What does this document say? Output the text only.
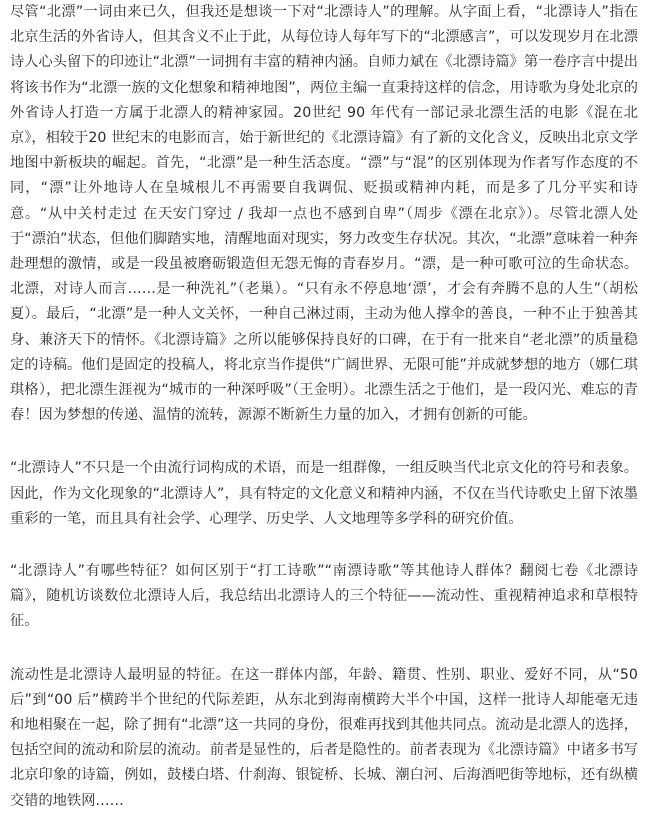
尽管“北漂”一词由来已久，但我还是想谈一下对“北漂诗人”的理解。从字面上看，“北漂诗人”指在北京生活的外省诗人，但其含义不止于此，从每位诗人每年写下的“北漂感言”，可以发现岁月在北漂诗人心头留下的印迹让“北漂”一词拥有丰富的精神内涵。自师力斌在《北漂诗篇》第一卷序言中提出将该书作为“北漂一族的文化想象和精神地图”，两位主编一直秉持这样的信念，用诗歌为身处北京的外省诗人打造一方属于北漂人的精神家园。20世纪 90 年代有一部记录北漂生活的电影《混在北京》，相较于20 世纪末的电影而言，始于新世纪的《北漂诗篇》有了新的文化含义，反映出北京文学地图中新板块的崛起。首先，“北漂”是一种生活态度。“漂”与“混”的区别体现为作者写作态度的不同，“漂”让外地诗人在皇城根儿不再需要自我调侃、贬损或精神内耗，而是多了几分平实和诗意。“从中关村走过 在天安门穿过 / 我却一点也不感到自卑”（周步《漂在北京》）。尽管北漂人处于“漂泊”状态，但他们脚踏实地，清醒地面对现实，努力改变生存状况。其次，“北漂”意味着一种奔赴理想的激情，或是一段虽被磨砺锻造但无怨无悔的青春岁月。“漂，是一种可歌可泣的生命状态。北漂，对诗人而言……是一种洗礼”（老巢）。“只有永不停息地‘漂’，才会有奔腾不息的人生”（胡松夏）。最后，“北漂”是一种人文关怀，一种自己淋过雨，主动为他人撑伞的善良，一种不止于独善其身、兼济天下的情怀。《北漂诗篇》之所以能够保持良好的口碑，在于有一批来自“老北漂”的质量稳定的诗稿。他们是固定的投稿人，将北京当作提供“广阔世界、无限可能”并成就梦想的地方（娜仁琪琪格），把北漂生涯视为“城市的一种深呼吸”（王金明）。北漂生活之于他们，是一段闪光、难忘的青春！因为梦想的传递、温情的流转，源源不断新生力量的加入，才拥有创新的可能。

“北漂诗人”不只是一个由流行词构成的术语，而是一组群像，一组反映当代北京文化的符号和表象。因此，作为文化现象的“北漂诗人”，具有特定的文化意义和精神内涵，不仅在当代诗歌史上留下浓墨重彩的一笔，而且具有社会学、心理学、历史学、人文地理等多学科的研究价值。

“北漂诗人”有哪些特征？如何区别于“打工诗歌”“南漂诗歌”等其他诗人群体？翻阅七卷《北漂诗篇》，随机访谈数位北漂诗人后，我总结出北漂诗人的三个特征——流动性、重视精神追求和草根特征。

流动性是北漂诗人最明显的特征。在这一群体内部，年龄、籍贯、性别、职业、爱好不同，从“50 后”到“00 后”横跨半个世纪的代际差距，从东北到海南横跨大半个中国，这样一批诗人却能毫无违和地相聚在一起，除了拥有“北漂”这一共同的身份，很难再找到其他共同点。流动是北漂人的选择，包括空间的流动和阶层的流动。前者是显性的，后者是隐性的。前者表现为《北漂诗篇》中诸多书写北京印象的诗篇，例如，鼓楼白塔、什刹海、银锭桥、长城、潮白河、后海酒吧街等地标，还有纵横交错的地铁网……
